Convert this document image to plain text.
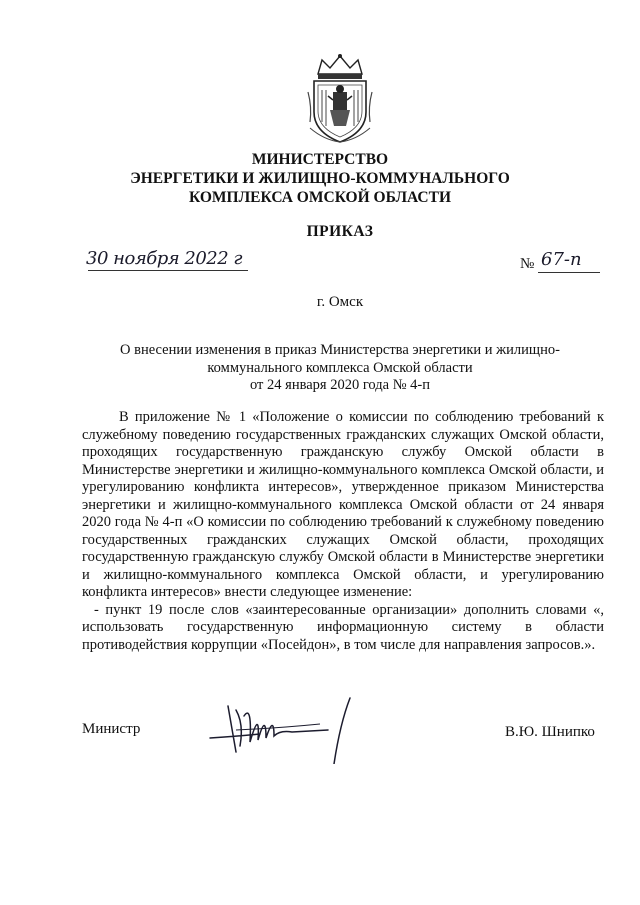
МИНИСТЕРСТВО
ЭНЕРГЕТИКИ И ЖИЛИЩНО-КОММУНАЛЬНОГО
КОМПЛЕКСА ОМСКОЙ ОБЛАСТИ
ПРИКАЗ
30 ноября 2022 г	№ 67-п
г. Омск
О внесении изменения в приказ Министерства энергетики и жилищно-
коммунального комплекса Омской области
от 24 января 2020 года № 4-п

В приложение № 1 «Положение о комиссии по соблюдению требований к служебному поведению государственных гражданских служащих Омской области, проходящих государственную гражданскую службу Омской области в Министерстве энергетики и жилищно-коммунального комплекса Омской области, и урегулированию конфликта интересов», утвержденное приказом Министерства энергетики и жилищно-коммунального комплекса Омской области от 24 января 2020 года № 4-п «О комиссии по соблюдению требований к служебному поведению государственных гражданских служащих Омской области, проходящих государственную гражданскую службу Омской области в Министерстве энергетики и жилищно-коммунального комплекса Омской области, и урегулированию конфликта интересов» внести следующее изменение:

- пункт 19 после слов «заинтересованные организации» дополнить словами «, использовать государственную информационную систему в области противодействия коррупции «Посейдон», в том числе для направления запросов.».

Министр	В.Ю. Шнипко
